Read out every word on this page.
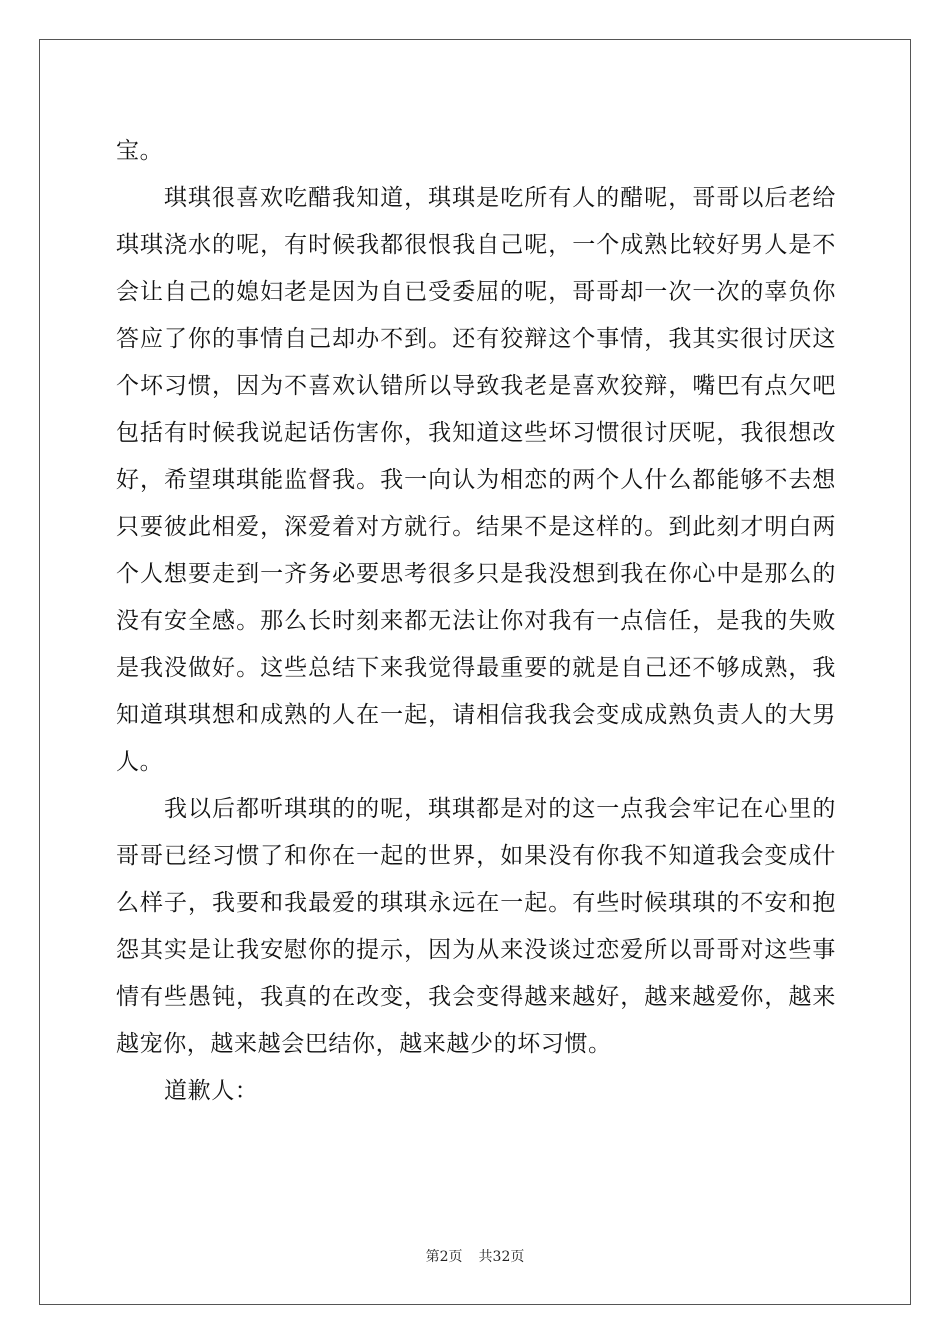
宝。

琪琪很喜欢吃醋我知道，琪琪是吃所有人的醋呢，哥哥以后老给琪琪浇水的呢，有时候我都很恨我自己呢，一个成熟比较好男人是不会让自己的媳妇老是因为自已受委屈的呢，哥哥却一次一次的辜负你答应了你的事情自己却办不到。还有狡辩这个事情，我其实很讨厌这个坏习惯，因为不喜欢认错所以导致我老是喜欢狡辩，嘴巴有点欠吧包括有时候我说起话伤害你，我知道这些坏习惯很讨厌呢，我很想改好，希望琪琪能监督我。我一向认为相恋的两个人什么都能够不去想只要彼此相爱，深爱着对方就行。结果不是这样的。到此刻才明白两个人想要走到一齐务必要思考很多只是我没想到我在你心中是那么的没有安全感。那么长时刻来都无法让你对我有一点信任，是我的失败是我没做好。这些总结下来我觉得最重要的就是自己还不够成熟，我知道琪琪想和成熟的人在一起，请相信我我会变成成熟负责人的大男人。

我以后都听琪琪的的呢，琪琪都是对的这一点我会牢记在心里的哥哥已经习惯了和你在一起的世界，如果没有你我不知道我会变成什么样子，我要和我最爱的琪琪永远在一起。有些时候琪琪的不安和抱怨其实是让我安慰你的提示，因为从来没谈过恋爱所以哥哥对这些事情有些愚钝，我真的在改变，我会变得越来越好，越来越爱你，越来越宠你，越来越会巴结你，越来越少的坏习惯。

道歉人：

第2页 共32页
